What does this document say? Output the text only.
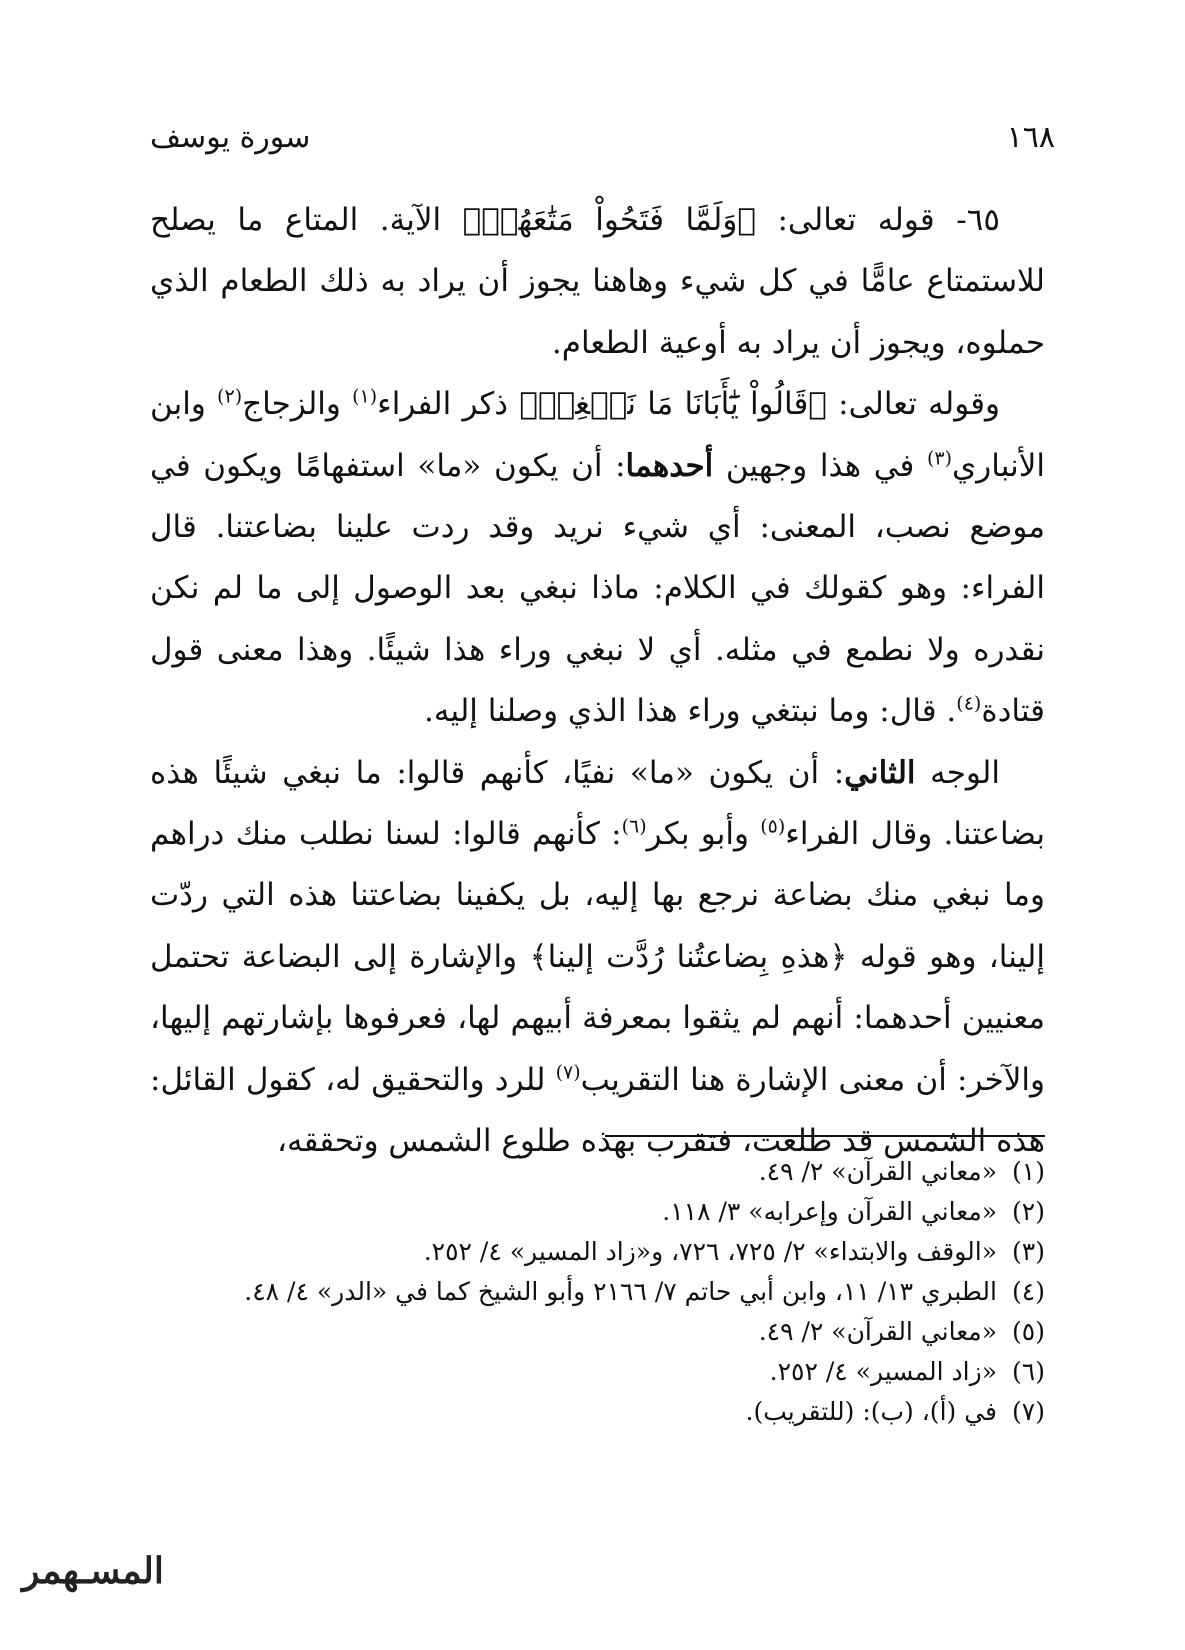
١٦٨
سورة يوسف

٦٥- قوله تعالى: ﴿وَلَمَّا فَتَحُواْ مَتَٰعَهُمۡ﴾ الآية. المتاع ما يصلح للاستمتاع عامًّا في كل شيء وهاهنا يجوز أن يراد به ذلك الطعام الذي حملوه، ويجوز أن يراد به أوعية الطعام.

وقوله تعالى: ﴿قَالُواْ يَٰٓأَبَانَا مَا نَبۡغِيۖ﴾ ذكر الفراء$^{(١)}$ والزجاج$^{(٢)}$ وابن الأنباري$^{(٣)}$ في هذا وجهين أحدهما: أن يكون «ما» استفهامًا ويكون في موضع نصب، المعنى: أي شيء نريد وقد ردت علينا بضاعتنا. قال الفراء: وهو كقولك في الكلام: ماذا نبغي بعد الوصول إلى ما لم نكن نقدره ولا نطمع في مثله. أي لا نبغي وراء هذا شيئًا. وهذا معنى قول قتادة$^{(٤)}$. قال: وما نبتغي وراء هذا الذي وصلنا إليه.

الوجه الثاني: أن يكون «ما» نفيًا، كأنهم قالوا: ما نبغي شيئًا هذه بضاعتنا. وقال الفراء$^{(٥)}$ وأبو بكر$^{(٦)}$: كأنهم قالوا: لسنا نطلب منك دراهم وما نبغي منك بضاعة نرجع بها إليه، بل يكفينا بضاعتنا هذه التي ردّت إلينا، وهو قوله ﴿هذهِ بِضاعتُنا رُدَّت إلينا﴾ والإشارة إلى البضاعة تحتمل معنيين أحدهما: أنهم لم يثقوا بمعرفة أبيهم لها، فعرفوها بإشارتهم إليها، والآخر: أن معنى الإشارة هنا التقريب$^{(٧)}$ للرد والتحقيق له، كقول القائل: هذه الشمس قد طلعت، فتقرب بهذه طلوع الشمس وتحققه،

(١)«معاني القرآن» ٢/ ٤٩.
(٢)«معاني القرآن وإعرابه» ٣/ ١١٨.
(٣)«الوقف والابتداء» ٢/ ٧٢٥، ٧٢٦، و«زاد المسير» ٤/ ٢٥٢.
(٤)الطبري ١٣/ ١١، وابن أبي حاتم ٧/ ٢١٦٦ وأبو الشيخ كما في «الدر» ٤/ ٤٨.
(٥)«معاني القرآن» ٢/ ٤٩.
(٦)«زاد المسير» ٤/ ٢٥٢.
(٧)في (أ)، (ب): (للتقريب).
المسـهمر
